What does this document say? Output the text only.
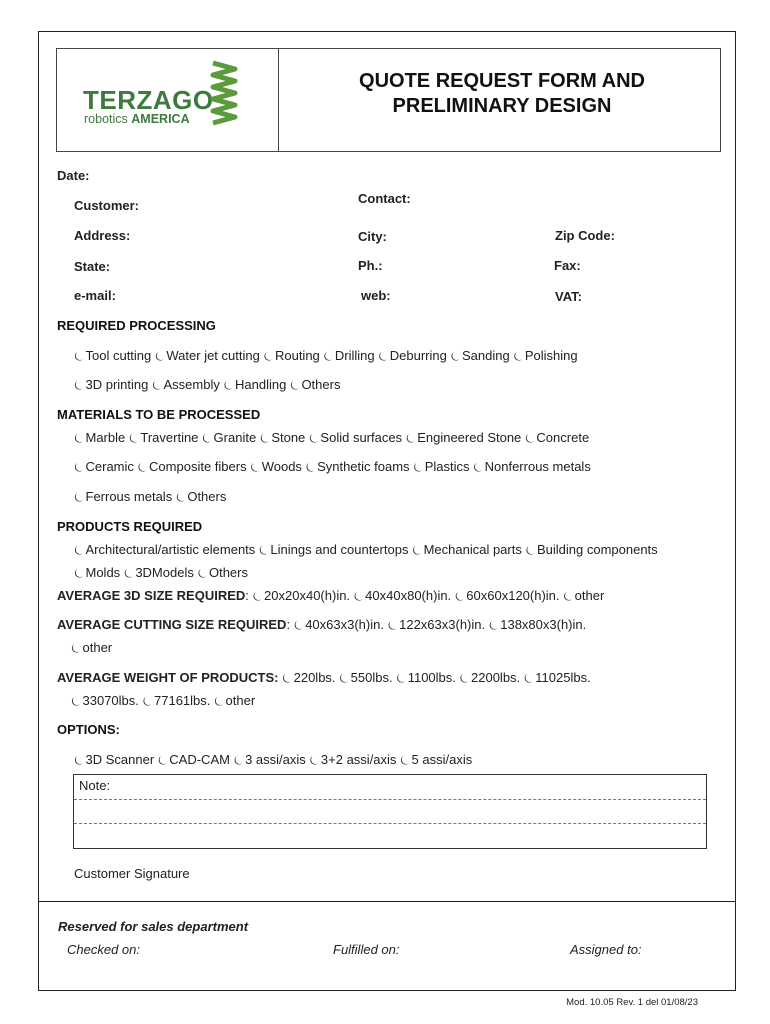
TERZAGO
robotics AMERICA
QUOTE REQUEST FORM AND
PRELIMINARY DESIGN
Date:
Customer:	Contact:
Address:	City:	Zip Code:
State:	Ph.:	Fax:
e-mail:	web:	VAT:
REQUIRED PROCESSING
⏾ Tool cutting ⏾ Water jet cutting ⏾ Routing ⏾ Drilling ⏾ Deburring ⏾ Sanding ⏾ Polishing
⏾ 3D printing ⏾ Assembly ⏾ Handling ⏾ Others
MATERIALS TO BE PROCESSED
⏾ Marble ⏾ Travertine ⏾ Granite ⏾ Stone ⏾ Solid surfaces ⏾ Engineered Stone ⏾ Concrete
⏾ Ceramic ⏾ Composite fibers ⏾ Woods ⏾ Synthetic foams ⏾ Plastics ⏾ Nonferrous metals
⏾ Ferrous metals ⏾ Others
PRODUCTS REQUIRED
⏾ Architectural/artistic elements ⏾ Linings and countertops ⏾ Mechanical parts ⏾ Building components
⏾ Molds ⏾ 3DModels ⏾ Others
AVERAGE 3D SIZE REQUIRED: ⏾ 20x20x40(h)in. ⏾ 40x40x80(h)in. ⏾ 60x60x120(h)in. ⏾ other
AVERAGE CUTTING SIZE REQUIRED: ⏾ 40x63x3(h)in. ⏾ 122x63x3(h)in. ⏾ 138x80x3(h)in.
⏾ other
AVERAGE WEIGHT OF PRODUCTS: ⏾ 220lbs. ⏾ 550lbs. ⏾ 1100lbs. ⏾ 2200lbs. ⏾ 11025lbs.
⏾ 33070lbs. ⏾ 77161lbs. ⏾ other
OPTIONS:
⏾ 3D Scanner ⏾ CAD-CAM ⏾ 3 assi/axis ⏾ 3+2 assi/axis ⏾ 5 assi/axis
Note:
Customer Signature
Reserved for sales department
Checked on:	Fulfilled on:	Assigned to:
Mod. 10.05 Rev. 1 del 01/08/23
